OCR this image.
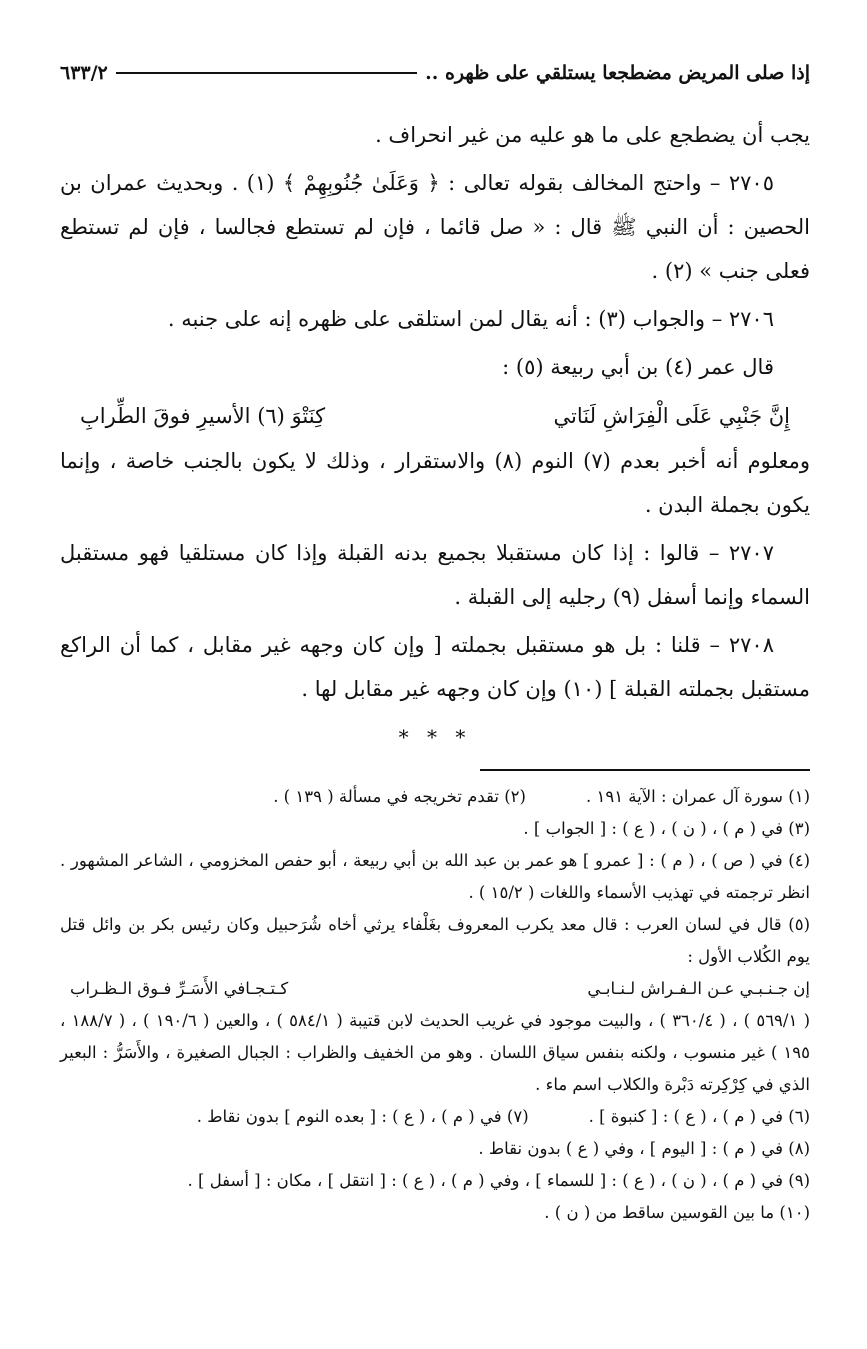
إذا صلى المريض مضطجعا يستلقي على ظهره ..
٦٣٣/٢

يجب أن يضطجع على ما هو عليه من غير انحراف .

٢٧٠٥ – واحتج المخالف بقوله تعالى : ﴿ وَعَلَىٰ جُنُوبِهِمْ ﴾ (١) . وبحديث عمران بن الحصين : أن النبي ﷺ قال : « صل قائما ، فإن لم تستطع فجالسا ، فإن لم تستطع فعلى جنب » (٢) .

٢٧٠٦ – والجواب (٣) : أنه يقال لمن استلقى على ظهره إنه على جنبه .

قال عمر (٤) بن أبي ربيعة (٥) :

إِنَّ جَنْبِي عَلَى الْفِرَاشِ لَنَاتي
كِنَتْوَ (٦) الأسيرِ فوقَ الطِّرابِ

ومعلوم أنه أخبر بعدم (٧) النوم (٨) والاستقرار ، وذلك لا يكون بالجنب خاصة ، وإنما يكون بجملة البدن .

٢٧٠٧ – قالوا : إذا كان مستقبلا بجميع بدنه القبلة وإذا كان مستلقيا فهو مستقبل السماء وإنما أسفل (٩) رجليه إلى القبلة .

٢٧٠٨ – قلنا : بل هو مستقبل بجملته [ وإن كان وجهه غير مقابل ، كما أن الراكع مستقبل بجملته القبلة ] (١٠) وإن كان وجهه غير مقابل لها .

* * *
(١) سورة آل عمران : الآية ١٩١ .
(٢) تقدم تخريجه في مسألة ( ١٣٩ ) .

(٣) في ( م ) ، ( ن ) ، ( ع ) : [ الجواب ] .

(٤) في ( ص ) ، ( م ) : [ عمرو ] هو عمر بن عبد الله بن أبي ربيعة ، أبو حفص المخزومي ، الشاعر المشهور . انظر ترجمته في تهذيب الأسماء واللغات ( ١٥/٢ ) .

(٥) قال في لسان العرب : قال معد يكرب المعروف بغَلْفاء يرثي أخاه شُرَحبيل وكان رئيس بكر بن وائل قتل يوم الكُلاب الأول :

إن جـنـبـي عـن الـفـراش لـنـابـي
كـتـجـافي الأَسَـرِّ فـوق الـظـراب

( ٥٦٩/١ ) ، ( ٣٦٠/٤ ) ، والبيت موجود في غريب الحديث لابن قتيبة ( ٥٨٤/١ ) ، والعين ( ١٩٠/٦ ) ، ( ١٨٨/٧ ، ١٩٥ ) غير منسوب ، ولكنه بنفس سياق اللسان . وهو من الخفيف والظراب : الجبال الصغيرة ، والأَسَرُّ : البعير الذي في كِرْكِرته دَبْرة والكلاب اسم ماء .

(٦) في ( م ) ، ( ع ) : [ كنبوة ] .
(٧) في ( م ) ، ( ع ) : [ بعده النوم ] بدون نقاط .

(٨) في ( م ) : [ اليوم ] ، وفي ( ع ) بدون نقاط .

(٩) في ( م ) ، ( ن ) ، ( ع ) : [ للسماء ] ، وفي ( م ) ، ( ع ) : [ انتقل ] ، مكان : [ أسفل ] .

(١٠) ما بين القوسين ساقط من ( ن ) .
